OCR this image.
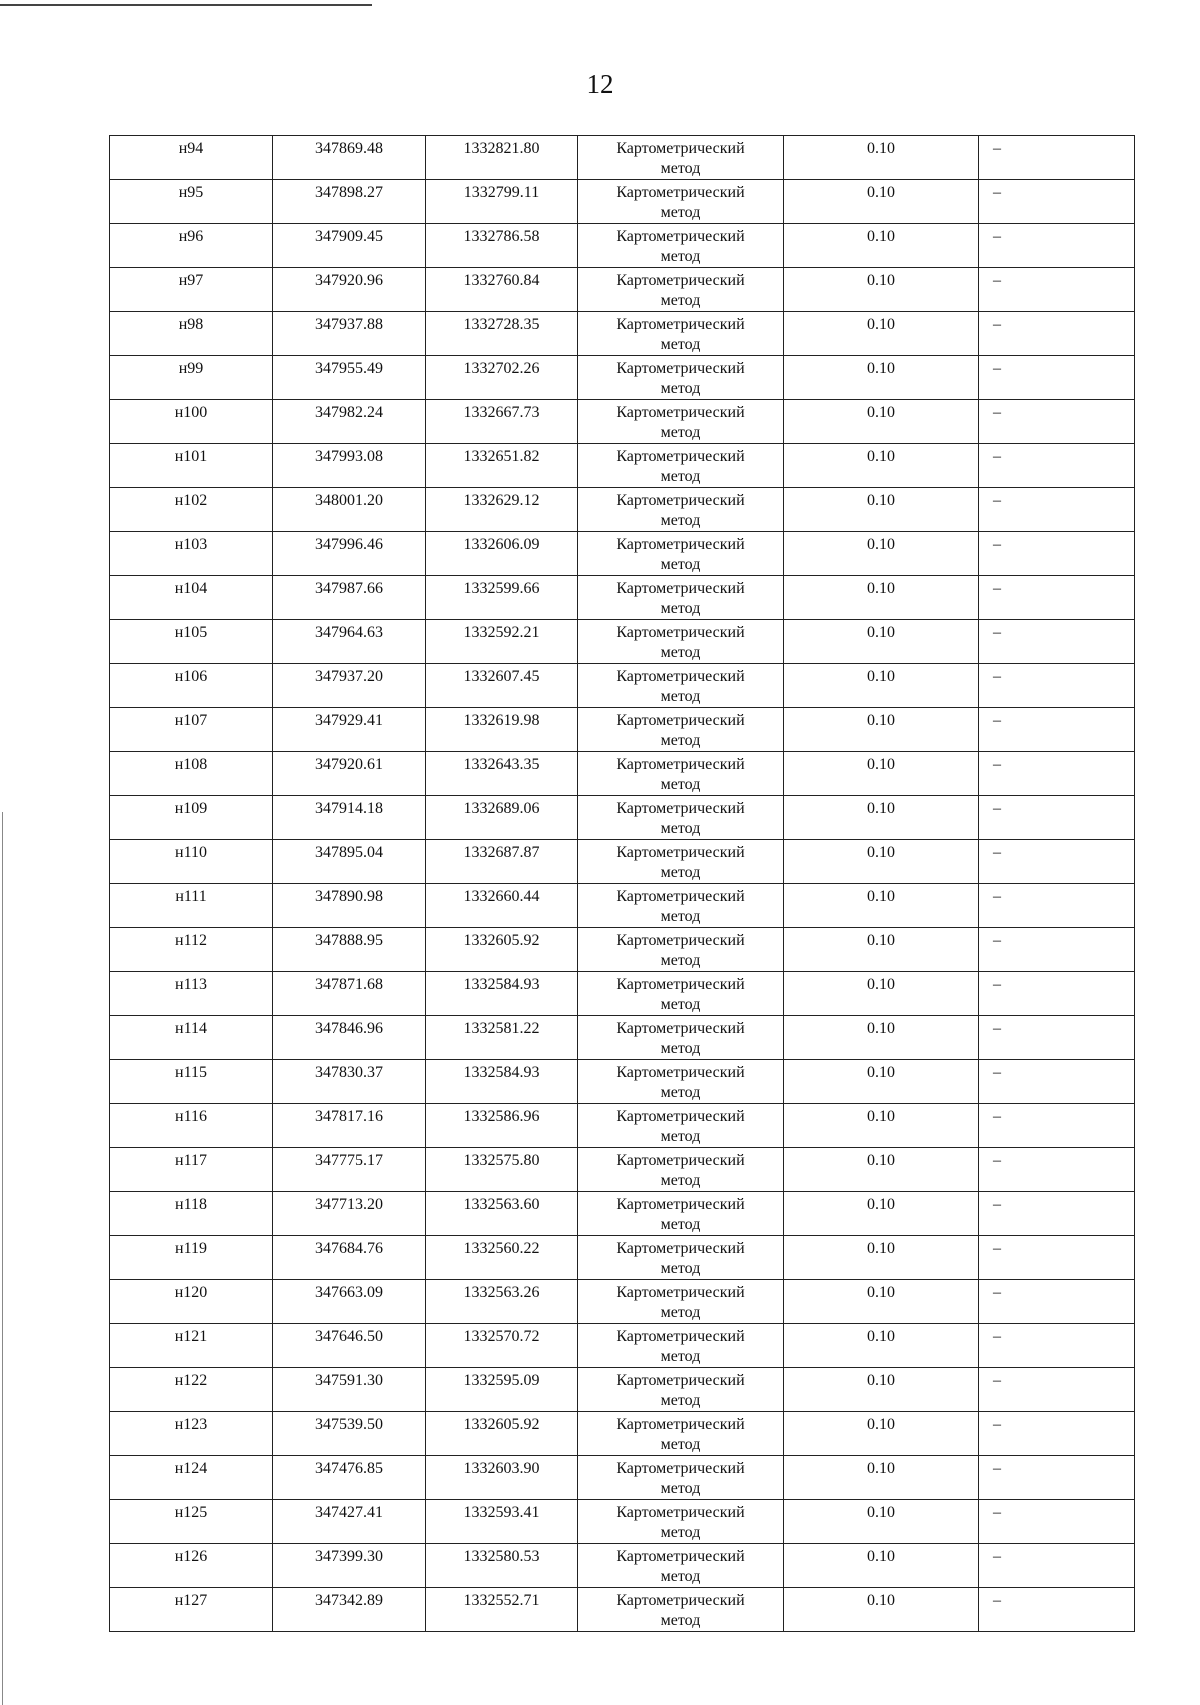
12
н94	347869.48	1332821.80	Картометрический
метод	0.10	–
н95	347898.27	1332799.11	Картометрический
метод	0.10	–
н96	347909.45	1332786.58	Картометрический
метод	0.10	–
н97	347920.96	1332760.84	Картометрический
метод	0.10	–
н98	347937.88	1332728.35	Картометрический
метод	0.10	–
н99	347955.49	1332702.26	Картометрический
метод	0.10	–
н100	347982.24	1332667.73	Картометрический
метод	0.10	–
н101	347993.08	1332651.82	Картометрический
метод	0.10	–
н102	348001.20	1332629.12	Картометрический
метод	0.10	–
н103	347996.46	1332606.09	Картометрический
метод	0.10	–
н104	347987.66	1332599.66	Картометрический
метод	0.10	–
н105	347964.63	1332592.21	Картометрический
метод	0.10	–
н106	347937.20	1332607.45	Картометрический
метод	0.10	–
н107	347929.41	1332619.98	Картометрический
метод	0.10	–
н108	347920.61	1332643.35	Картометрический
метод	0.10	–
н109	347914.18	1332689.06	Картометрический
метод	0.10	–
н110	347895.04	1332687.87	Картометрический
метод	0.10	–
н111	347890.98	1332660.44	Картометрический
метод	0.10	–
н112	347888.95	1332605.92	Картометрический
метод	0.10	–
н113	347871.68	1332584.93	Картометрический
метод	0.10	–
н114	347846.96	1332581.22	Картометрический
метод	0.10	–
н115	347830.37	1332584.93	Картометрический
метод	0.10	–
н116	347817.16	1332586.96	Картометрический
метод	0.10	–
н117	347775.17	1332575.80	Картометрический
метод	0.10	–
н118	347713.20	1332563.60	Картометрический
метод	0.10	–
н119	347684.76	1332560.22	Картометрический
метод	0.10	–
н120	347663.09	1332563.26	Картометрический
метод	0.10	–
н121	347646.50	1332570.72	Картометрический
метод	0.10	–
н122	347591.30	1332595.09	Картометрический
метод	0.10	–
н123	347539.50	1332605.92	Картометрический
метод	0.10	–
н124	347476.85	1332603.90	Картометрический
метод	0.10	–
н125	347427.41	1332593.41	Картометрический
метод	0.10	–
н126	347399.30	1332580.53	Картометрический
метод	0.10	–
н127	347342.89	1332552.71	Картометрический
метод	0.10	–
